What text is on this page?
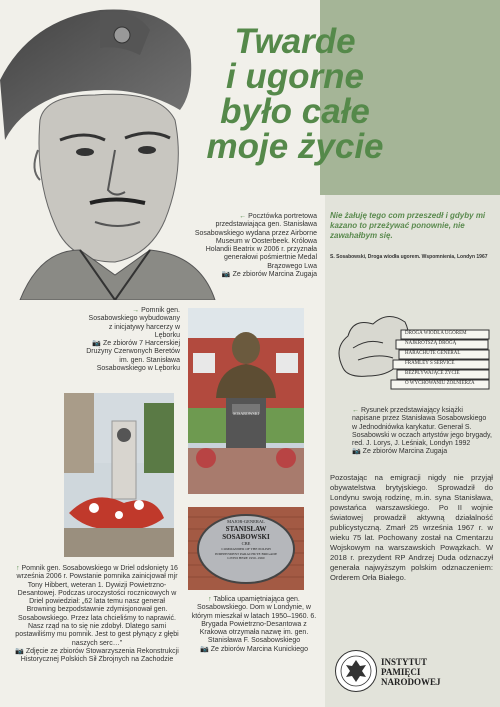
Twarde
i ugorne
było całe
moje życie

Nie żałuję tego com przeszedł i gdyby mi kazano to przeżywać ponownie, nie zawahałbym się.

S. Sosabowski, Droga wiodła ugorem. Wspomnienia, Londyn 1967

← Pocztówka portretowa przedstawiająca gen. Stanisława Sosabowskiego wydana przez Airborne Museum w Oosterbeek. Królowa Holandii Beatrix w 2006 r. przyznała generałowi pośmiertnie Medal Brązowego Lwa
📷 Ze zbiorów Marcina Zugaja

→ Pomnik gen. Sosabowskiego wybudowany z inicjatywy harcerzy w Lęborku
📷 Ze zbiorów 7 Harcerskiej Drużyny Czerwonych Beretów im. gen. Stanisława Sosabowskiego w Lęborku

SOSABOWSKI
DROGA WIODŁA UGOREM
NAJKRÓTSZĄ DROGĄ
HARACHUTE GENERAL
FRAMLEY S SERVICE
BEZPŁYWAJĄCE ŻYCIE
O WYCHOWANIU ŻOŁNIERZA

← Rysunek przedstawiający książki napisane przez Stanisława Sosabowskiego w Jednodniówka karykatur. Generał S. Sosabowski w oczach artystów jego brygady, red. J. Lorys, J. Leśniak, Londyn 1992
📷 Ze zbiorów Marcina Zugaja

↑ Pomnik gen. Sosabowskiego w Driel odsłonięty 16 września 2006 r. Powstanie pomnika zainicjował mjr Tony Hibbert, weteran 1. Dywizji Powietrzno-Desantowej. Podczas uroczystości rocznicowych w Driel powiedział: „62 lata temu nasz generał Browning bezpodstawnie zdymisjonował gen. Sosabowskiego. Przez lata chcieliśmy to naprawić. Nasz rząd na to się nie zdobył. Dlatego sami postawiliśmy mu pomnik. Jest to gest płynący z głębi naszych serc…”
📷 Zdjęcie ze zbiorów Stowarzyszenia Rekonstrukcji Historycznej Polskich Sił Zbrojnych na Zachodzie

MAJOR-GENERAL
STANISŁAW
SOSABOWSKI
CBE
COMMANDER OF THE POLISH
INDEPENDENT PARACHUTE BRIGADE
LIVED HERE 1950–1960

↑ Tablica upamiętniająca gen. Sosabowskiego. Dom w Londynie, w którym mieszkał w latach 1950–1960. 6. Brygada Powietrzno-Desantowa z Krakowa otrzymała nazwę im. gen. Stanisława F. Sosabowskiego
📷 Ze zbiorów Marcina Kunickiego

Pozostając na emigracji nigdy nie przyjął obywatelstwa brytyjskiego. Sprowadził do Londynu swoją rodzinę, m.in. syna Stanisława, powstańca warszawskiego. Po II wojnie światowej prowadził aktywną działalność publicystyczną. Zmarł 25 września 1967 r. w wieku 75 lat. Pochowany został na Cmentarzu Wojskowym na warszawskich Powązkach. W 2018 r. prezydent RP Andrzej Duda odznaczył generała najwyższym polskim odznaczeniem: Orderem Orła Białego.

INSTYTUT
PAMIĘCI
NARODOWEJ
